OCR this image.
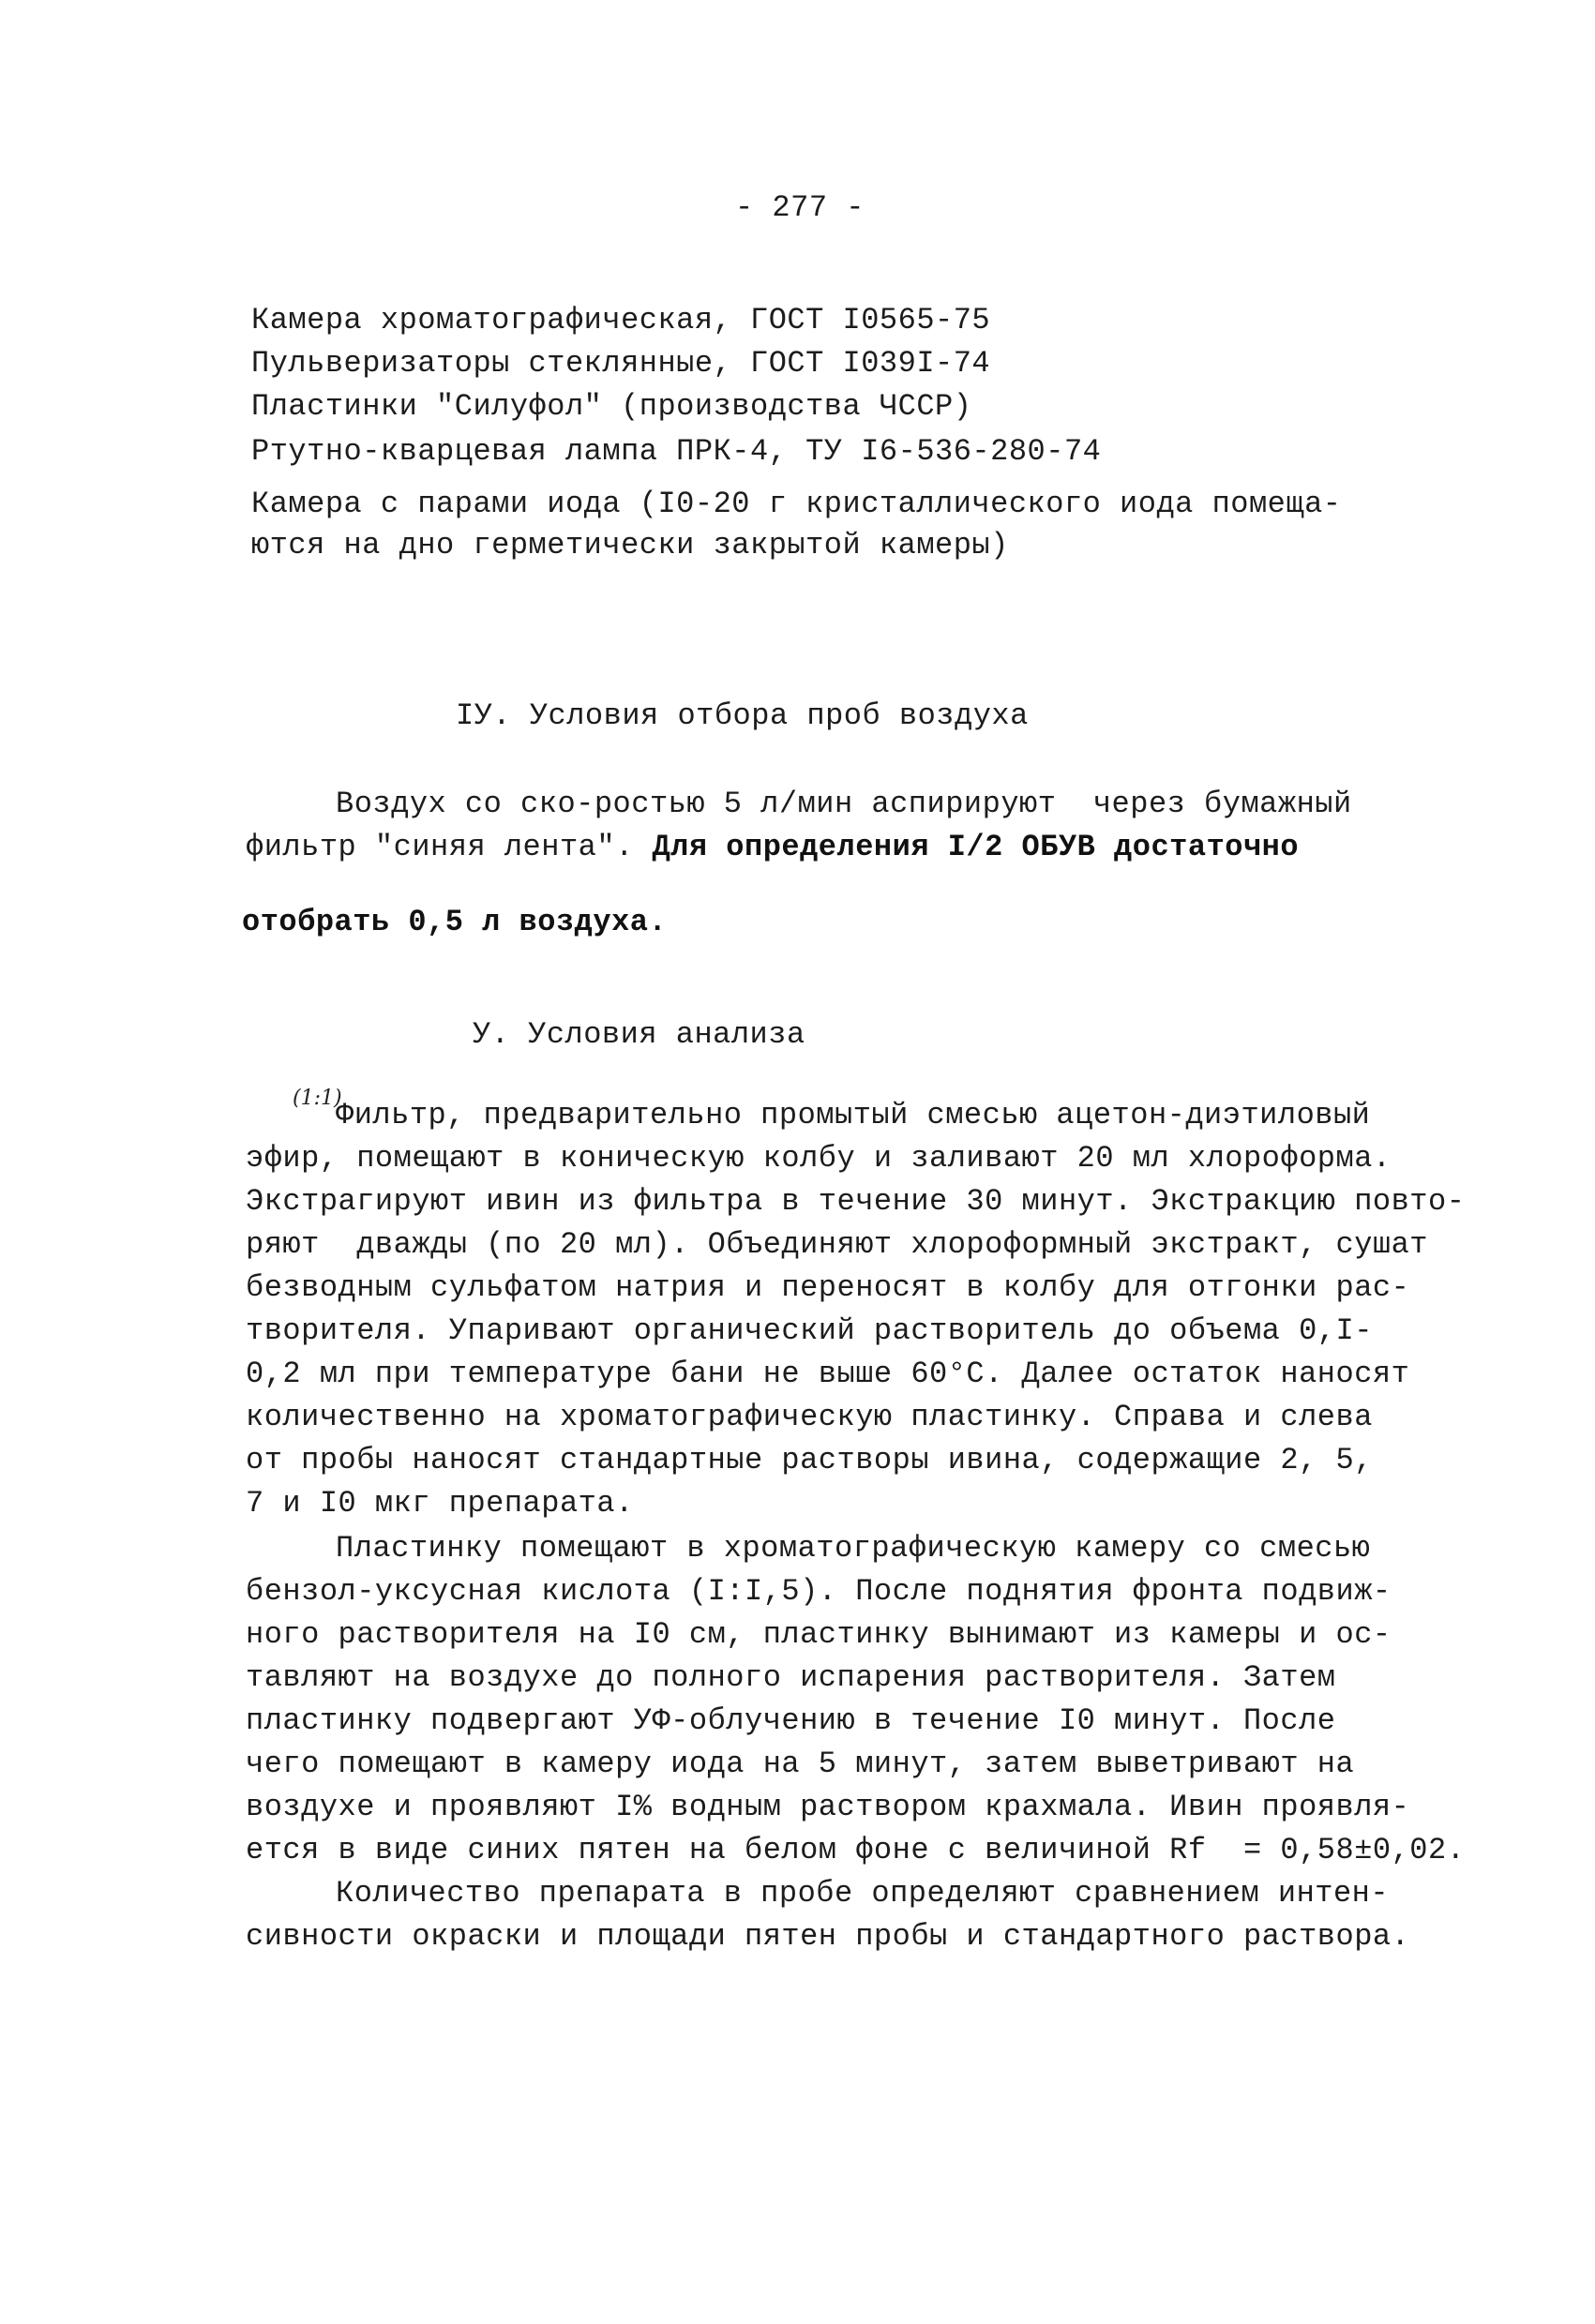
- 277 -
Камера хроматографическая, ГОСТ I0565-75
Пульверизаторы стеклянные, ГОСТ I039I-74
Пластинки "Силуфол" (производства ЧССР)
Ртутно-кварцевая лампа ПРК-4, ТУ I6-536-280-74
Камера с парами иода (I0-20 г кристаллического иода помеща-
ются на дно герметически закрытой камеры)
IУ. Условия отбора проб воздуха
Воздух со ско-ростью 5 л/мин аспирируют  через бумажный
фильтр "синяя лента". Для определения I/2 ОБУВ достаточно
отобрать 0,5 л воздуха.
У. Условия анализа
(1:1)
Фильтр, предварительно промытый смесью ацетон-диэтиловый
эфир, помещают в коническую колбу и заливают 20 мл хлороформа.
Экстрагируют ивин из фильтра в течение 30 минут. Экстракцию повто-
ряют  дважды (по 20 мл). Объединяют хлороформный экстракт, сушат
безводным сульфатом натрия и переносят в колбу для отгонки рас-
творителя. Упаривают органический растворитель до объема 0,I-
0,2 мл при температуре бани не выше 60°С. Далее остаток наносят
количественно на хроматографическую пластинку. Справа и слева
от пробы наносят стандартные растворы ивина, содержащие 2, 5,
7 и I0 мкг препарата.
Пластинку помещают в хроматографическую камеру со смесью
бензол-уксусная кислота (I:I,5). После поднятия фронта подвиж-
ного растворителя на I0 см, пластинку вынимают из камеры и ос-
тавляют на воздухе до полного испарения растворителя. Затем
пластинку подвергают УФ-облучению в течение I0 минут. После
чего помещают в камеру иода на 5 минут, затем выветривают на
воздухе и проявляют I% водным раствором крахмала. Ивин проявля-
ется в виде синих пятен на белом фоне с величиной Rf  = 0,58±0,02.
Количество препарата в пробе определяют сравнением интен-
сивности окраски и площади пятен пробы и стандартного раствора.
